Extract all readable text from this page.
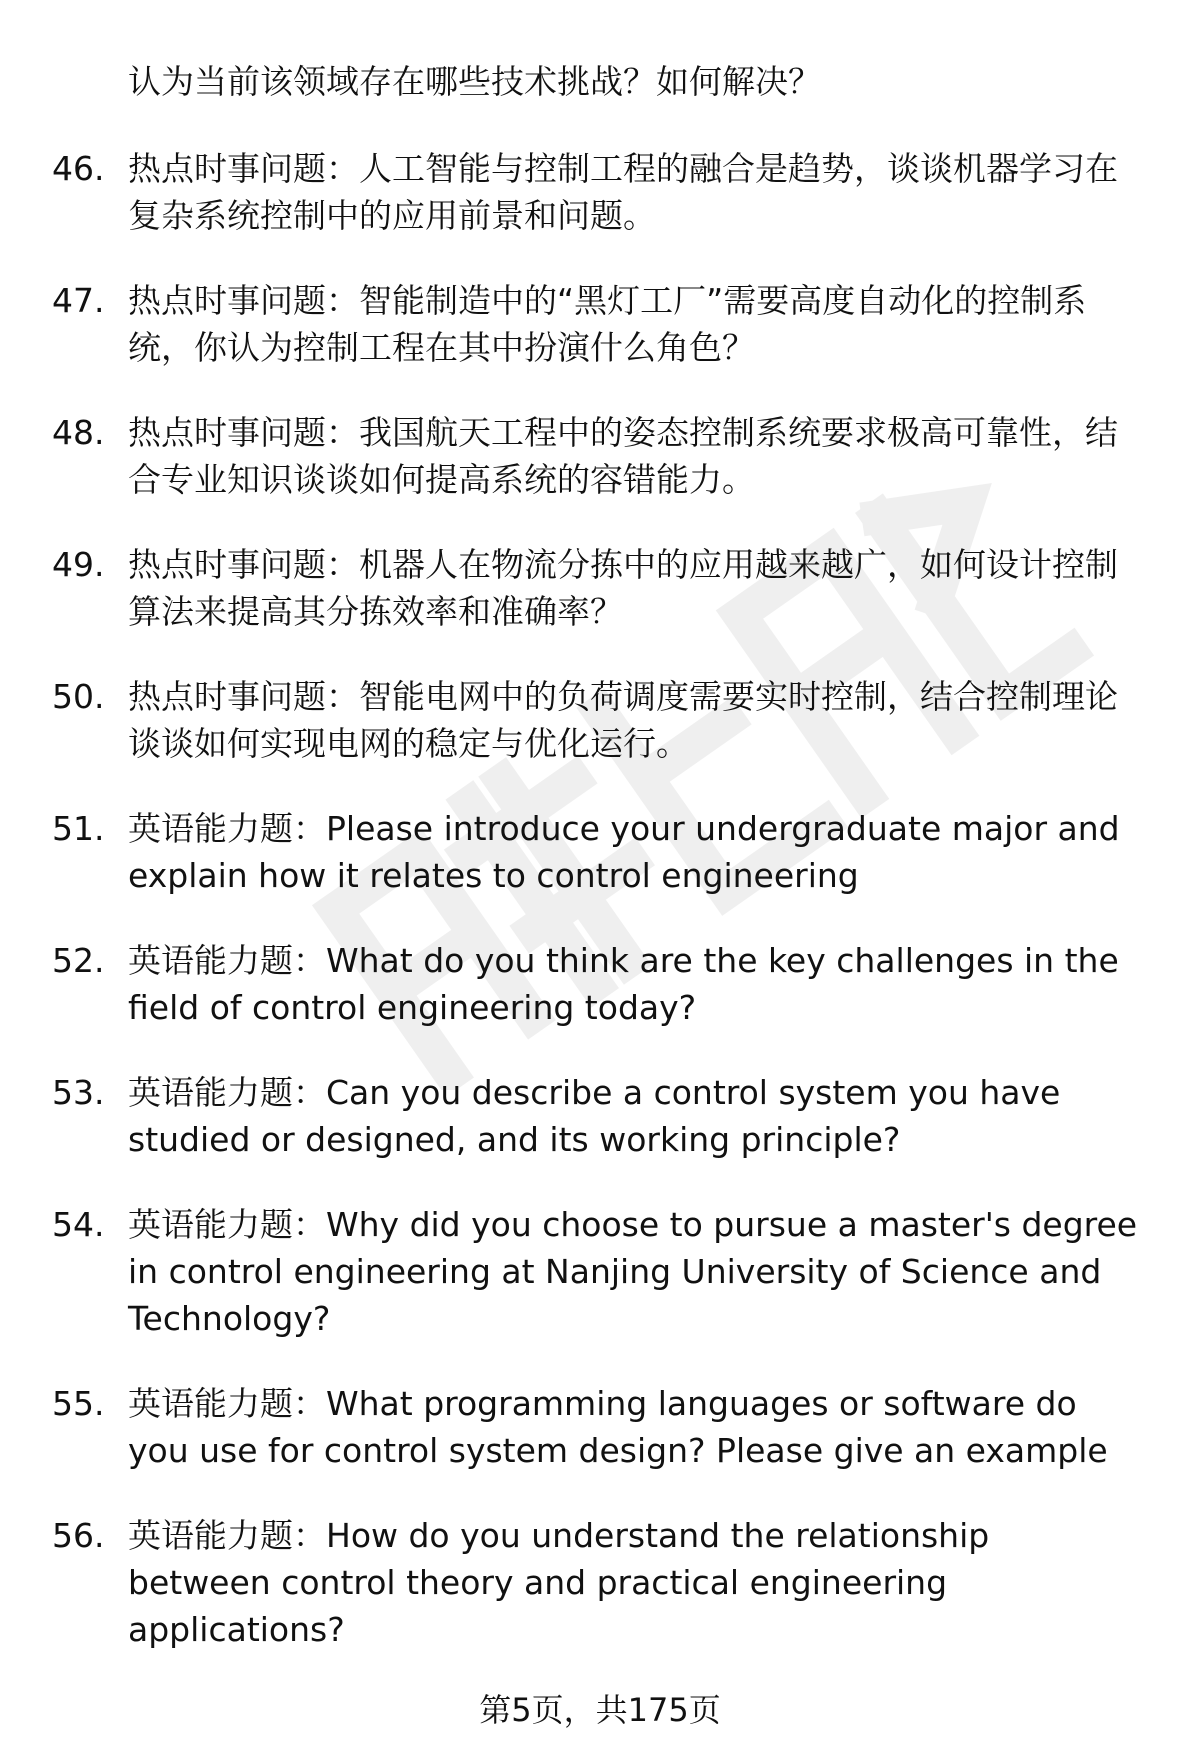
认为当前该领域存在哪些技术挑战？如何解决？

46. 热点时事问题：人工智能与控制工程的融合是趋势，谈谈机器学习在复杂系统控制中的应用前景和问题。
47. 热点时事问题：智能制造中的“黑灯工厂”需要高度自动化的控制系统，你认为控制工程在其中扮演什么角色？
48. 热点时事问题：我国航天工程中的姿态控制系统要求极高可靠性，结合专业知识谈谈如何提高系统的容错能力。
49. 热点时事问题：机器人在物流分拣中的应用越来越广，如何设计控制算法来提高其分拣效率和准确率？
50. 热点时事问题：智能电网中的负荷调度需要实时控制，结合控制理论谈谈如何实现电网的稳定与优化运行。
51. 英语能力题：Please introduce your undergraduate major and explain how it relates to control engineering
52. 英语能力题：What do you think are the key challenges in the field of control engineering today?
53. 英语能力题：Can you describe a control system you have studied or designed, and its working principle?
54. 英语能力题：Why did you choose to pursue a master's degree in control engineering at Nanjing University of Science and Technology?
55. 英语能力题：What programming languages or software do you use for control system design? Please give an example
56. 英语能力题：How do you understand the relationship between control theory and practical engineering applications?

第5页，共175页
